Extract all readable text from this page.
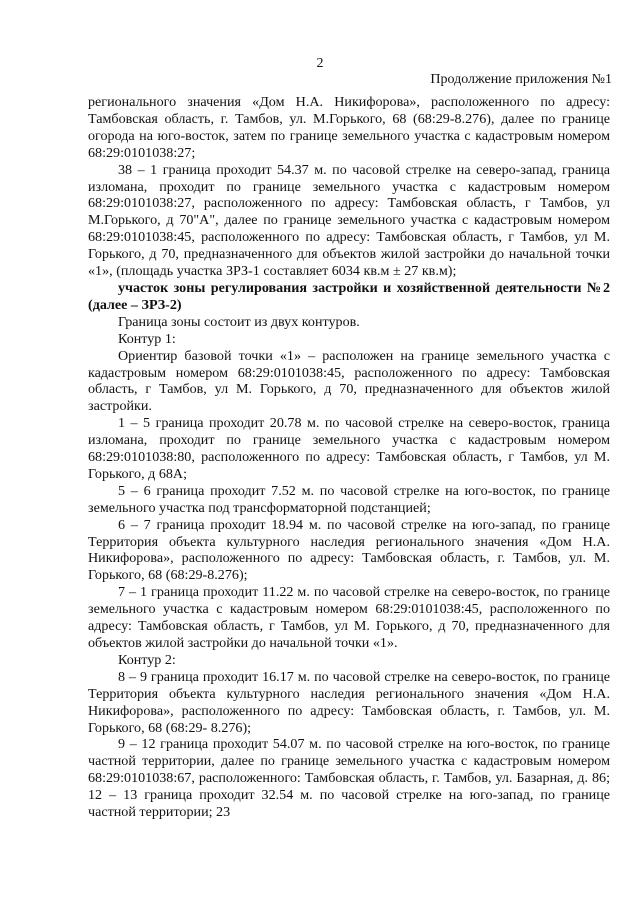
2
Продолжение приложения №1

регионального значения «Дом Н.А. Никифорова», расположенного по адресу: Тамбовская область, г. Тамбов, ул. М.Горького, 68 (68:29-8.276), далее по границе огорода на юго-восток, затем по границе земельного участка с кадастровым номером 68:29:0101038:27;

38 – 1 граница проходит 54.37 м. по часовой стрелке на северо-запад, граница изломана, проходит по границе земельного участка с кадастровым номером 68:29:0101038:27, расположенного по адресу: Тамбовская область, г Тамбов, ул М.Горького, д 70"А", далее по границе земельного участка с кадастровым номером 68:29:0101038:45, расположенного по адресу: Тамбовская область, г Тамбов, ул М. Горького, д 70, предназначенного для объектов жилой застройки до начальной точки «1», (площадь участка ЗРЗ-1 составляет 6034 кв.м ± 27 кв.м);

участок зоны регулирования застройки и хозяйственной деятельности №2 (далее – ЗРЗ-2)

Граница зоны состоит из двух контуров.

Контур 1:

Ориентир базовой точки «1» – расположен на границе земельного участка с кадастровым номером 68:29:0101038:45, расположенного по адресу: Тамбовская область, г Тамбов, ул М. Горького, д 70, предназначенного для объектов жилой застройки.

1 – 5 граница проходит 20.78 м. по часовой стрелке на северо-восток, граница изломана, проходит по границе земельного участка с кадастровым номером 68:29:0101038:80, расположенного по адресу: Тамбовская область, г Тамбов, ул М. Горького, д 68А;

5 – 6 граница проходит 7.52 м. по часовой стрелке на юго-восток, по границе земельного участка под трансформаторной подстанцией;

6 – 7 граница проходит 18.94 м. по часовой стрелке на юго-запад, по границе Территория объекта культурного наследия регионального значения «Дом Н.А. Никифорова», расположенного по адресу: Тамбовская область, г. Тамбов, ул. М. Горького, 68 (68:29-8.276);

7 – 1 граница проходит 11.22 м. по часовой стрелке на северо-восток, по границе земельного участка с кадастровым номером 68:29:0101038:45, расположенного по адресу: Тамбовская область, г Тамбов, ул М. Горького, д 70, предназначенного для объектов жилой застройки до начальной точки «1».

Контур 2:

8 – 9 граница проходит 16.17 м. по часовой стрелке на северо-восток, по границе Территория объекта культурного наследия регионального значения «Дом Н.А. Никифорова», расположенного по адресу: Тамбовская область, г. Тамбов, ул. М. Горького, 68 (68:29- 8.276);

9 – 12 граница проходит 54.07 м. по часовой стрелке на юго-восток, по границе частной территории, далее по границе земельного участка с кадастровым номером 68:29:0101038:67, расположенного: Тамбовская область, г. Тамбов, ул. Базарная, д. 86; 12 – 13 граница проходит 32.54 м. по часовой стрелке на юго-запад, по границе частной территории; 23
